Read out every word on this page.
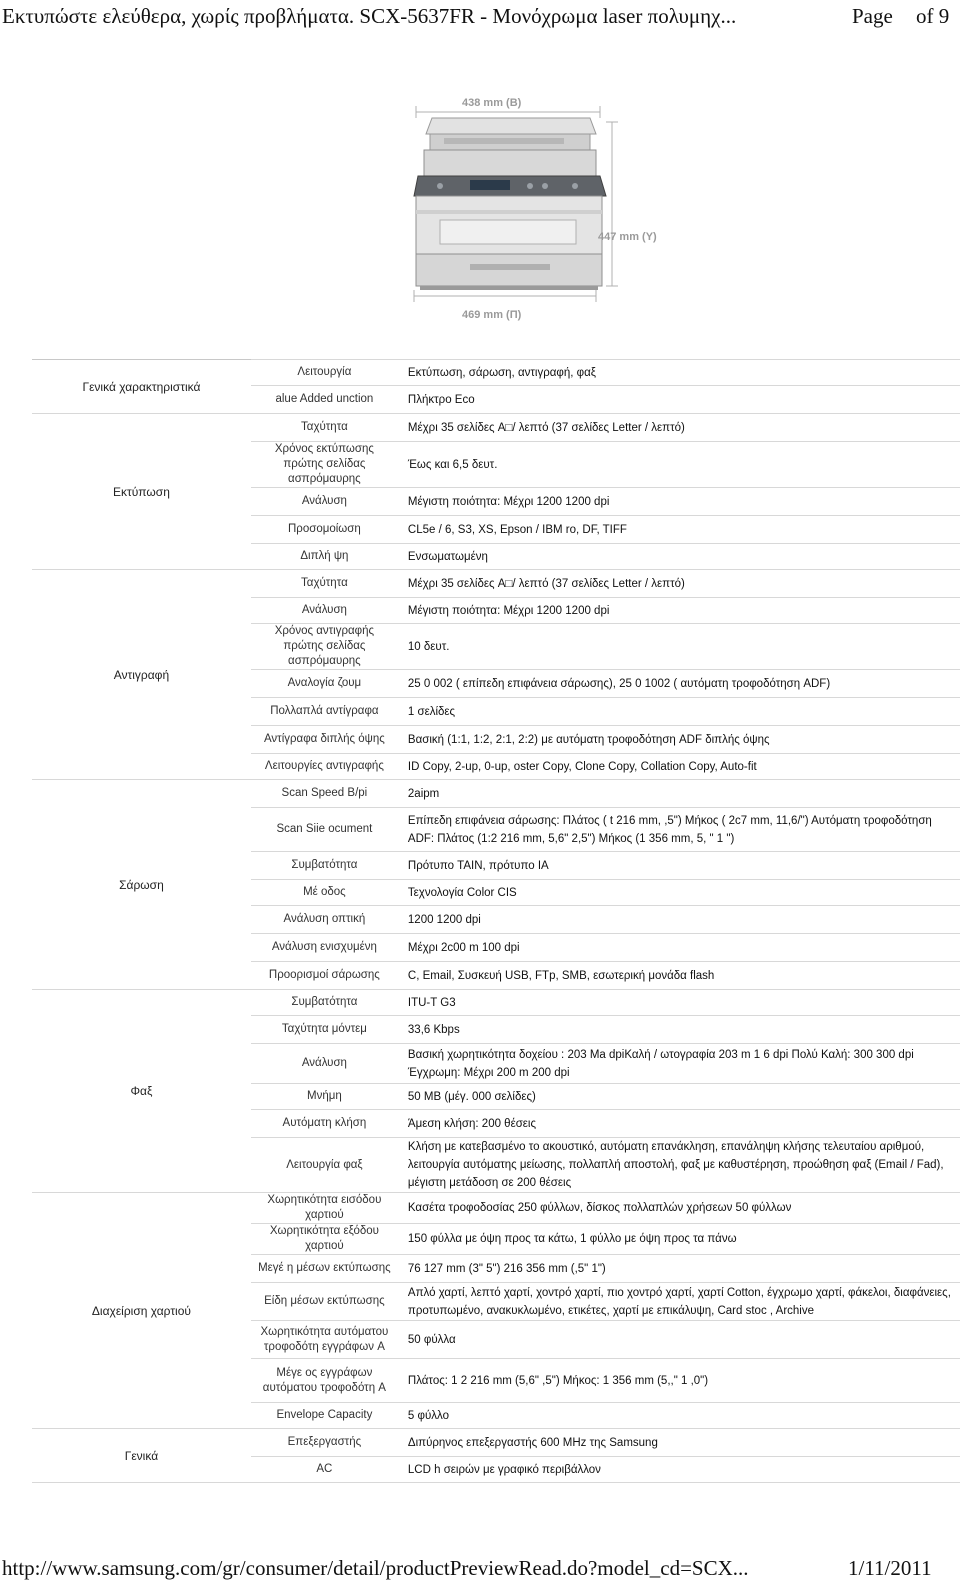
Εκτυπώστε ελεύθερα, χωρίς προβλήματα. SCX-5637FR - Μονόχρωμα laser πολυμηχ...	Page of 9
438 mm (Β)
447 mm (Υ)
469 mm (Π)
Γενικά χαρακτηριστικά	Λειτουργία	Εκτύπωση, σάρωση, αντιγραφή, φαξ
	alue Added unction	Πλήκτρο Eco
Εκτύπωση	Ταχύτητα	Μέχρι 35 σελίδες A□/ λεπτό (37 σελίδες Letter / λεπτό)
	Χρόνος εκτύπωσης πρώτης σελίδας ασπρόμαυρης	Έως και 6,5 δευτ.
	Ανάλυση	Μέγιστη ποιότητα: Μέχρι 1200 1200 dpi
	Προσομοίωση	CL5e / 6, S3, XS, Epson / IBM ro, DF, TIFF
	Διπλή ψη	Ενσωματωμένη
Αντιγραφή	Ταχύτητα	Μέχρι 35 σελίδες A□/ λεπτό (37 σελίδες Letter / λεπτό)
	Ανάλυση	Μέγιστη ποιότητα: Μέχρι 1200 1200 dpi
	Χρόνος αντιγραφής πρώτης σελίδας ασπρόμαυρης	10 δευτ.
	Αναλογία ζουμ	25 0 002 ( επίπεδη επιφάνεια σάρωσης), 25 0 1002 ( αυτόματη τροφοδότηση ADF)
	Πολλαπλά αντίγραφα	1 σελίδες
	Αντίγραφα διπλής όψης	Βασική (1:1, 1:2, 2:1, 2:2) με αυτόματη τροφοδότηση ADF διπλής όψης
	Λειτουργίες αντιγραφής	ID Copy, 2-up, 0-up, oster Copy, Clone Copy, Collation Copy, Auto-fit
Σάρωση	Scan Speed B/pi	2aipm
	Scan Siie ocument	Επίπεδη επιφάνεια σάρωσης: Πλάτος ( t 216 mm, ,5") Μήκος ( 2c7 mm, 11,6/") Αυτόματη τροφοδότηση ADF: Πλάτος (1:2 216 mm, 5,6" 2,5") Μήκος (1 356 mm, 5, " 1 ")
	Συμβατότητα	Πρότυπο TAIN, πρότυπο IA
	Μέ οδος	Τεχνολογία Color CIS
	Ανάλυση οπτική	1200 1200 dpi
	Ανάλυση ενισχυμένη	Μέχρι 2c00 m 100 dpi
	Προορισμοί σάρωσης	C, Email, Συσκευή USB, FTp, SMB, εσωτερική μονάδα flash
Φαξ	Συμβατότητα	ITU-T G3
	Ταχύτητα μόντεμ	33,6 Kbps
	Ανάλυση	Βασική χωρητικότητα δοχείου : 203 Ma dpiΚαλή / ωτογραφία 203 m 1 6 dpi Πολύ Καλή: 300 300 dpi Έγχρωμη: Μέχρι 200 m 200 dpi
	Μνήμη	50 MB (μέγ. 000 σελίδες)
	Αυτόματη κλήση	Άμεση κλήση: 200 θέσεις
	Λειτουργία φαξ	Κλήση με κατεβασμένο το ακουστικό, αυτόματη επανάκληση, επανάληψη κλήσης τελευταίου αριθμού, λειτουργία αυτόματης μείωσης, πολλαπλή αποστολή, φαξ με καθυστέρηση, προώθηση φαξ (Email / Fad), μέγιστη μετάδοση σε 200 θέσεις
Διαχείριση χαρτιού	Χωρητικότητα εισόδου χαρτιού	Κασέτα τροφοδοσίας 250 φύλλων, δίσκος πολλαπλών χρήσεων 50 φύλλων
	Χωρητικότητα εξόδου χαρτιού	150 φύλλα με όψη προς τα κάτω, 1 φύλλο με όψη προς τα πάνω
	Μεγέ η μέσων εκτύπωσης	76 127 mm (3" 5") 216 356 mm (,5" 1")
	Είδη μέσων εκτύπωσης	Απλό χαρτί, λεπτό χαρτί, χοντρό χαρτί, πιο χοντρό χαρτί, χαρτί Cotton, έγχρωμο χαρτί, φάκελοι, διαφάνειες, προτυπωμένο, ανακυκλωμένο, ετικέτες, χαρτί με επικάλυψη, Card stoc , Archive
	Χωρητικότητα αυτόματου τροφοδότη εγγράφων A	50 φύλλα
	Μέγε ος εγγράφων αυτόματου τροφοδότη A	Πλάτος: 1 2 216 mm (5,6" ,5") Μήκος: 1 356 mm (5,," 1 ,0")
	Envelope Capacity	5 φύλλο
Γενικά	Επεξεργαστής	Διπύρηνος επεξεργαστής 600 MHz της Samsung
	AC	LCD h σειρών με γραφικό περιβάλλον
http://www.samsung.com/gr/consumer/detail/productPreviewRead.do?model_cd=SCX...	1/11/2011
